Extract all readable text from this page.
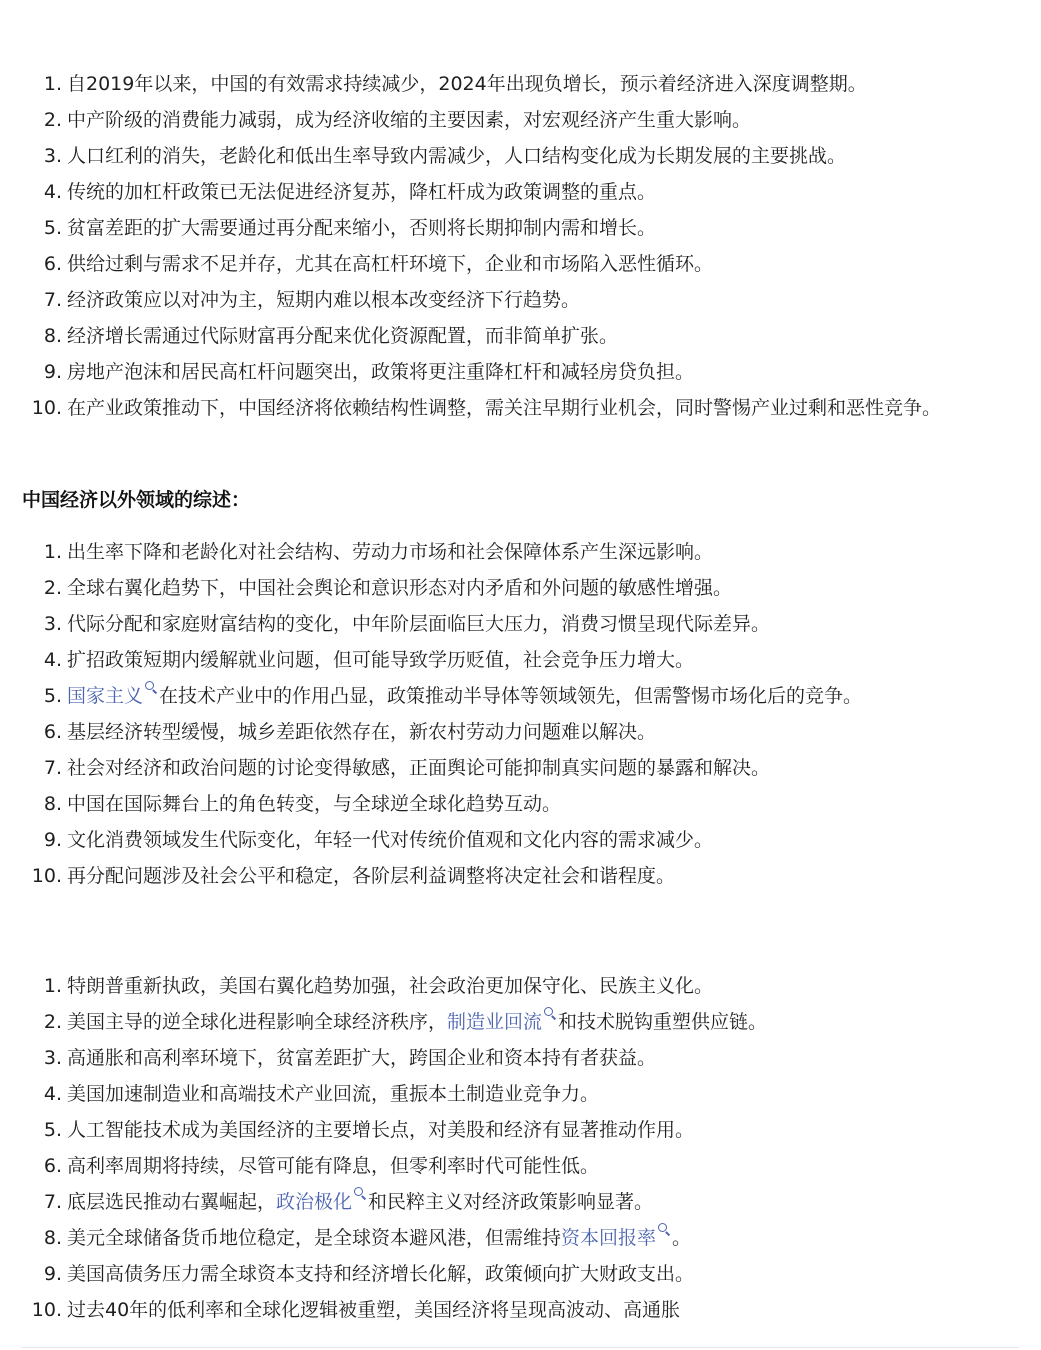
1. 自2019年以来，中国的有效需求持续减少，2024年出现负增长，预示着经济进入深度调整期。
2. 中产阶级的消费能力减弱，成为经济收缩的主要因素，对宏观经济产生重大影响。
3. 人口红利的消失，老龄化和低出生率导致内需减少，人口结构变化成为长期发展的主要挑战。
4. 传统的加杠杆政策已无法促进经济复苏，降杠杆成为政策调整的重点。
5. 贫富差距的扩大需要通过再分配来缩小，否则将长期抑制内需和增长。
6. 供给过剩与需求不足并存，尤其在高杠杆环境下，企业和市场陷入恶性循环。
7. 经济政策应以对冲为主，短期内难以根本改变经济下行趋势。
8. 经济增长需通过代际财富再分配来优化资源配置，而非简单扩张。
9. 房地产泡沫和居民高杠杆问题突出，政策将更注重降杠杆和减轻房贷负担。
10. 在产业政策推动下，中国经济将依赖结构性调整，需关注早期行业机会，同时警惕产业过剩和恶性竞争。
中国经济以外领域的综述：
1. 出生率下降和老龄化对社会结构、劳动力市场和社会保障体系产生深远影响。
2. 全球右翼化趋势下，中国社会舆论和意识形态对内矛盾和外问题的敏感性增强。
3. 代际分配和家庭财富结构的变化，中年阶层面临巨大压力，消费习惯呈现代际差异。
4. 扩招政策短期内缓解就业问题，但可能导致学历贬值，社会竞争压力增大。
5. 国家主义 在技术产业中的作用凸显，政策推动半导体等领域领先，但需警惕市场化后的竞争。
6. 基层经济转型缓慢，城乡差距依然存在，新农村劳动力问题难以解决。
7. 社会对经济和政治问题的讨论变得敏感，正面舆论可能抑制真实问题的暴露和解决。
8. 中国在国际舞台上的角色转变，与全球逆全球化趋势互动。
9. 文化消费领域发生代际变化，年轻一代对传统价值观和文化内容的需求减少。
10. 再分配问题涉及社会公平和稳定，各阶层利益调整将决定社会和谐程度。
1. 特朗普重新执政，美国右翼化趋势加强，社会政治更加保守化、民族主义化。
2. 美国主导的逆全球化进程影响全球经济秩序，制造业回流 和技术脱钩重塑供应链。
3. 高通胀和高利率环境下，贫富差距扩大，跨国企业和资本持有者获益。
4. 美国加速制造业和高端技术产业回流，重振本土制造业竞争力。
5. 人工智能技术成为美国经济的主要增长点，对美股和经济有显著推动作用。
6. 高利率周期将持续，尽管可能有降息，但零利率时代可能性低。
7. 底层选民推动右翼崛起，政治极化 和民粹主义对经济政策影响显著。
8. 美元全球储备货币地位稳定，是全球资本避风港，但需维持资本回报率 。
9. 美国高债务压力需全球资本支持和经济增长化解，政策倾向扩大财政支出。
10. 过去40年的低利率和全球化逻辑被重塑，美国经济将呈现高波动、高通胀
